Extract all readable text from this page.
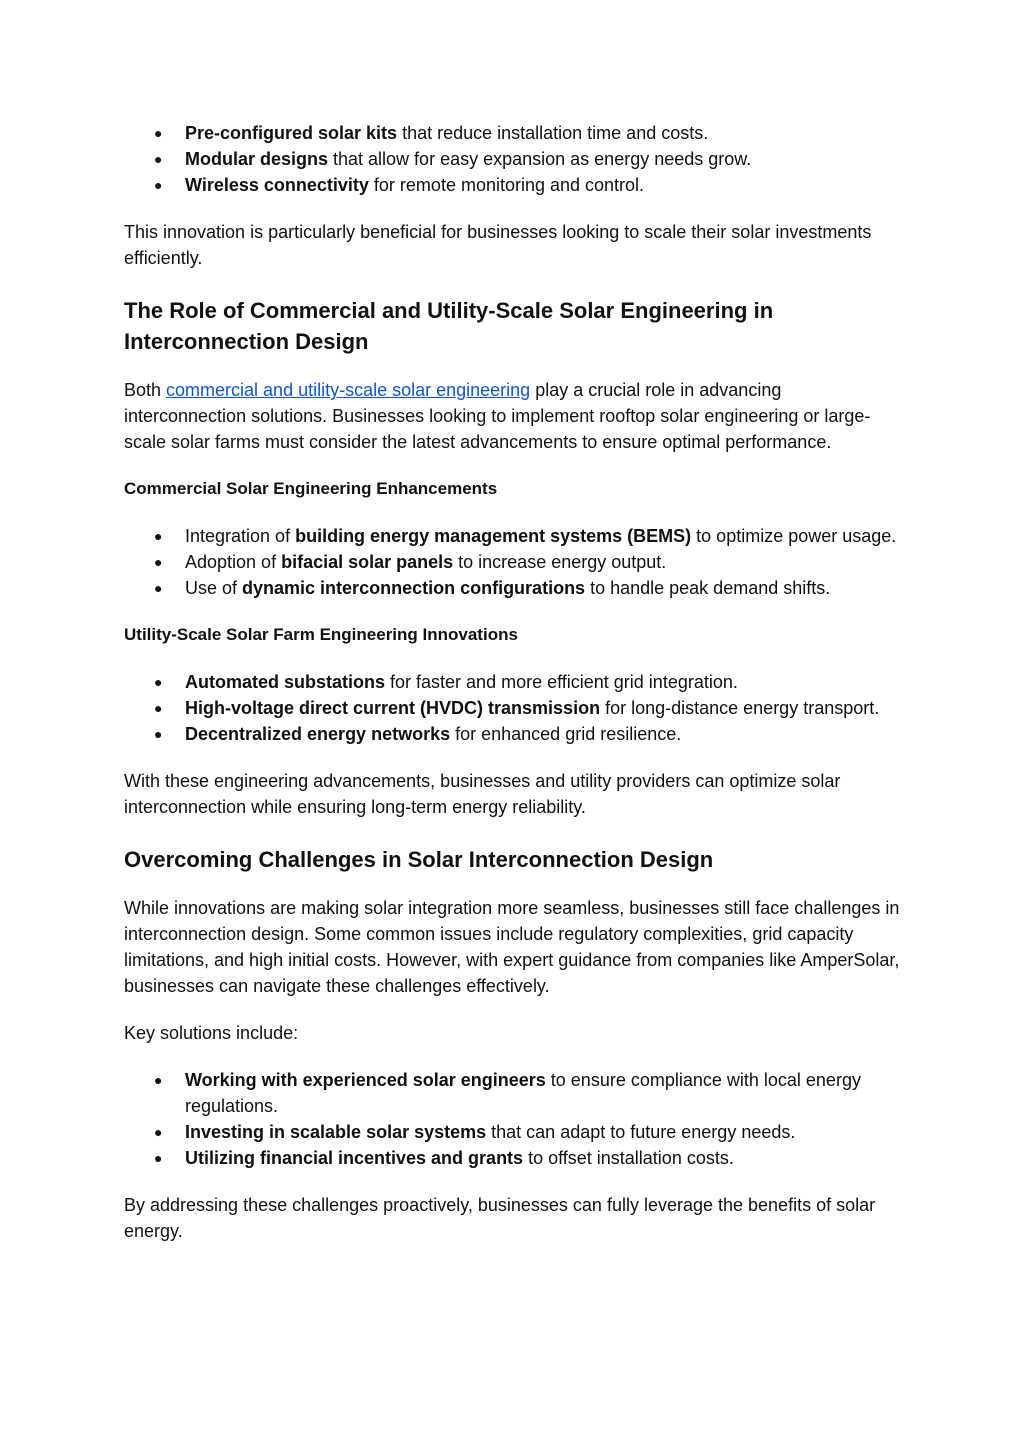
● Pre-configured solar kits that reduce installation time and costs.
● Modular designs that allow for easy expansion as energy needs grow.
● Wireless connectivity for remote monitoring and control.

This innovation is particularly beneficial for businesses looking to scale their solar investments efficiently.

The Role of Commercial and Utility-Scale Solar Engineering in
Interconnection Design

Both commercial and utility-scale solar engineering play a crucial role in advancing interconnection solutions. Businesses looking to implement rooftop solar engineering or large-scale solar farms must consider the latest advancements to ensure optimal performance.

Commercial Solar Engineering Enhancements
● Integration of building energy management systems (BEMS) to optimize power usage.
● Adoption of bifacial solar panels to increase energy output.
● Use of dynamic interconnection configurations to handle peak demand shifts.
Utility-Scale Solar Farm Engineering Innovations
● Automated substations for faster and more efficient grid integration.
● High-voltage direct current (HVDC) transmission for long-distance energy transport.
● Decentralized energy networks for enhanced grid resilience.

With these engineering advancements, businesses and utility providers can optimize solar interconnection while ensuring long-term energy reliability.

Overcoming Challenges in Solar Interconnection Design

While innovations are making solar integration more seamless, businesses still face challenges in interconnection design. Some common issues include regulatory complexities, grid capacity limitations, and high initial costs. However, with expert guidance from companies like AmperSolar, businesses can navigate these challenges effectively.

Key solutions include:

● Working with experienced solar engineers to ensure compliance with local energy regulations.
● Investing in scalable solar systems that can adapt to future energy needs.
● Utilizing financial incentives and grants to offset installation costs.

By addressing these challenges proactively, businesses can fully leverage the benefits of solar energy.
